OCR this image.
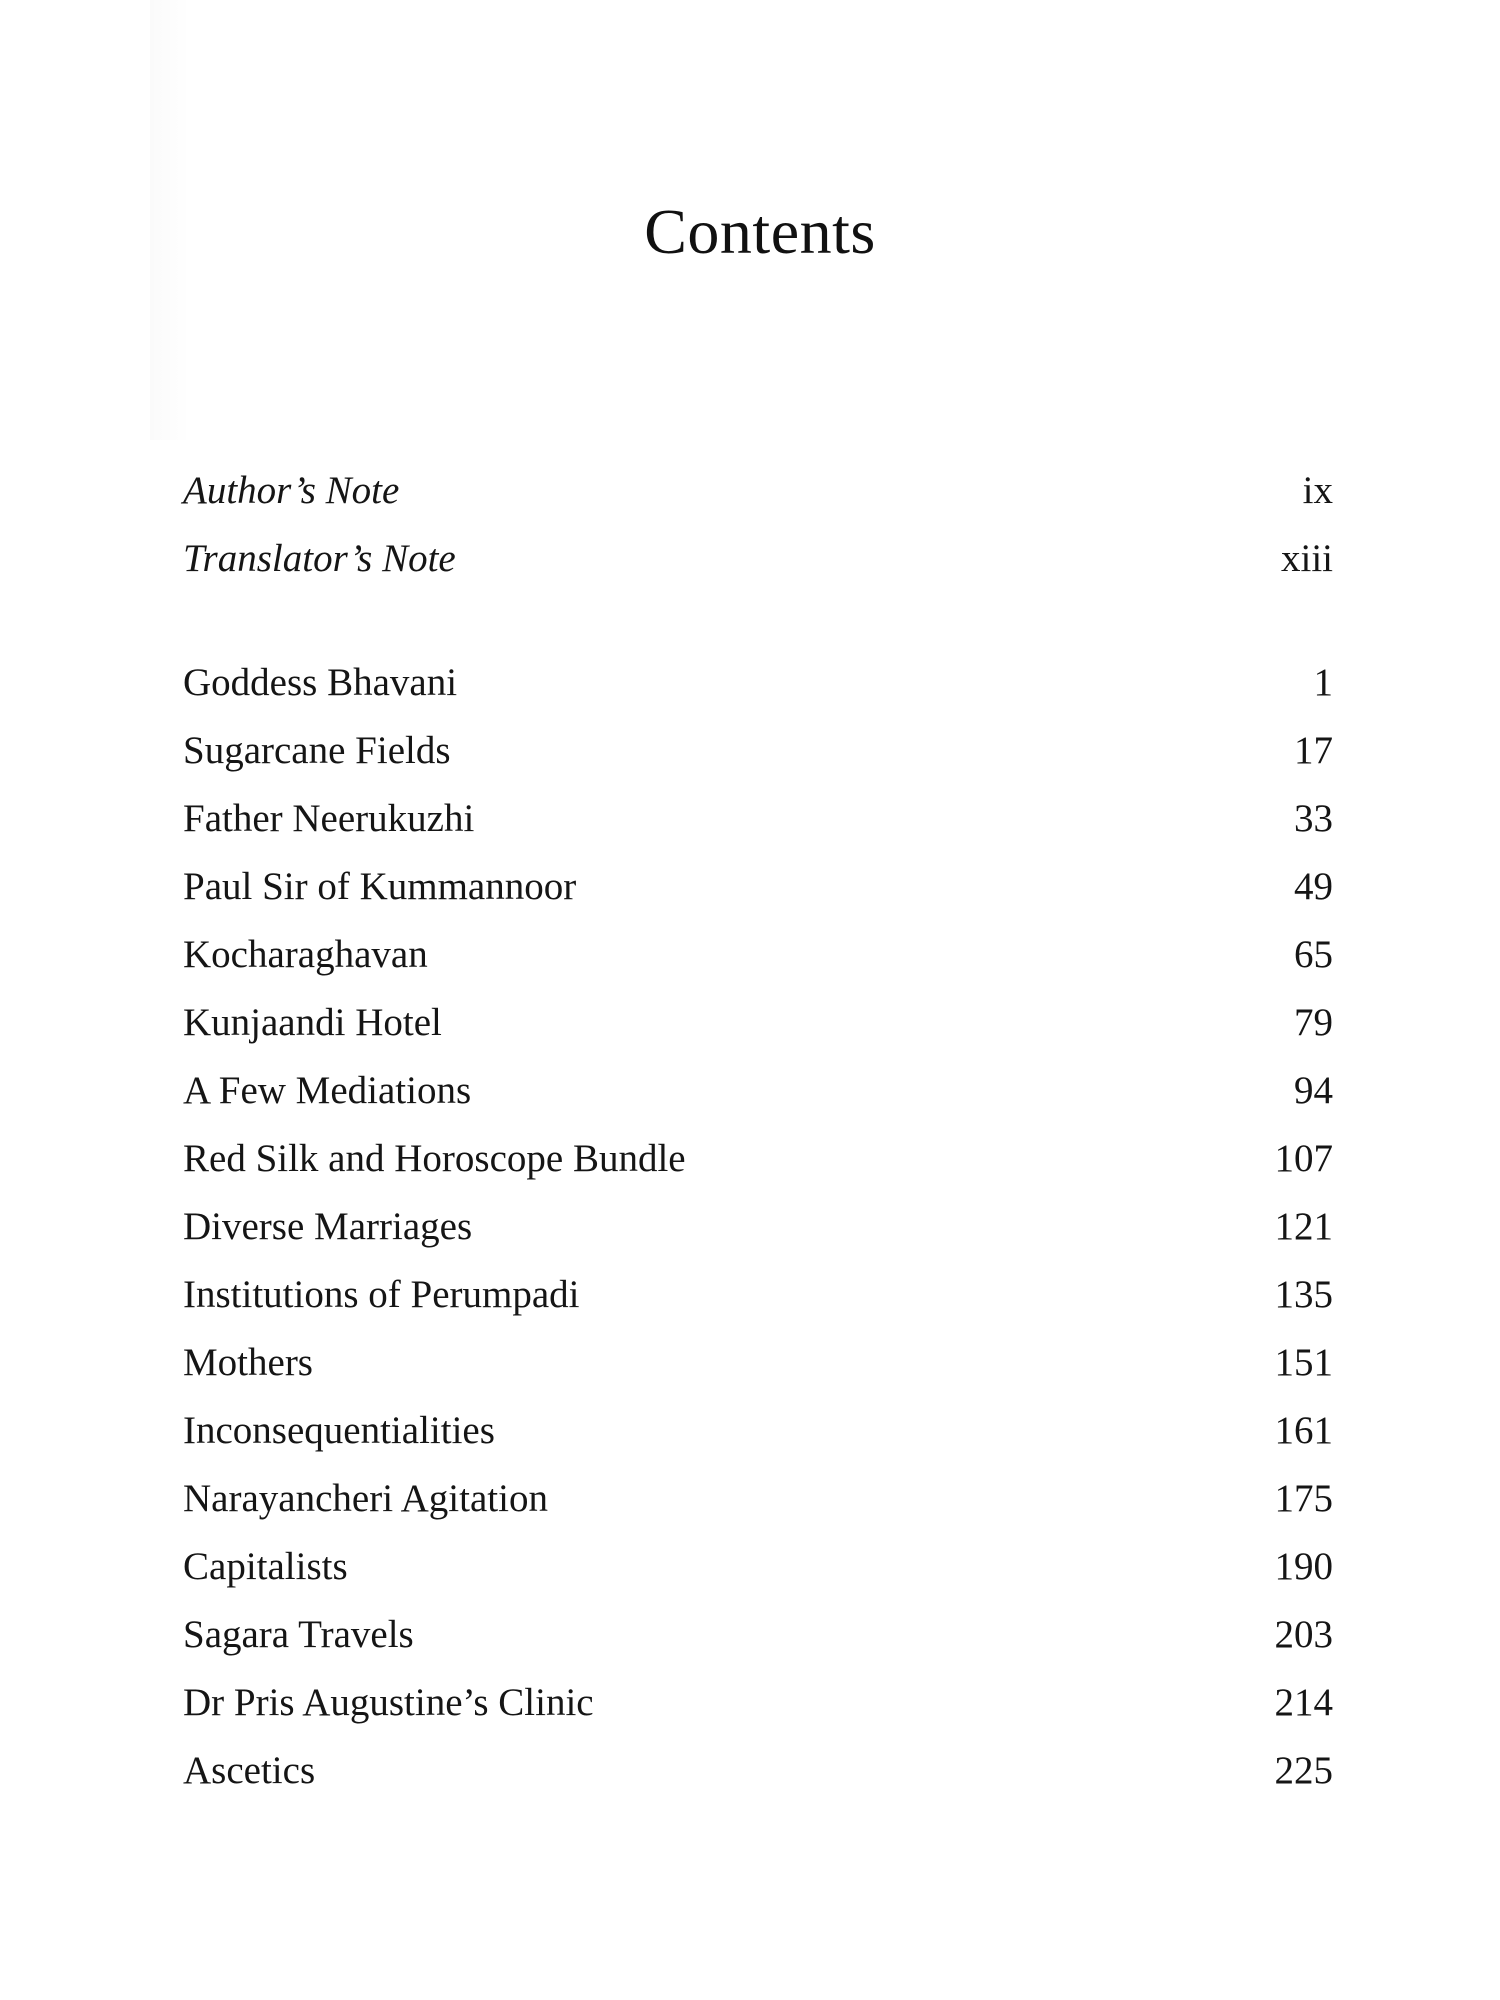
Contents
Author’s Note	ix
Translator’s Note	xiii
Goddess Bhavani	1
Sugarcane Fields	17
Father Neerukuzhi	33
Paul Sir of Kummannoor	49
Kocharaghavan	65
Kunjaandi Hotel	79
A Few Mediations	94
Red Silk and Horoscope Bundle	107
Diverse Marriages	121
Institutions of Perumpadi	135
Mothers	151
Inconsequentialities	161
Narayancheri Agitation	175
Capitalists	190
Sagara Travels	203
Dr Pris Augustine’s Clinic	214
Ascetics	225
